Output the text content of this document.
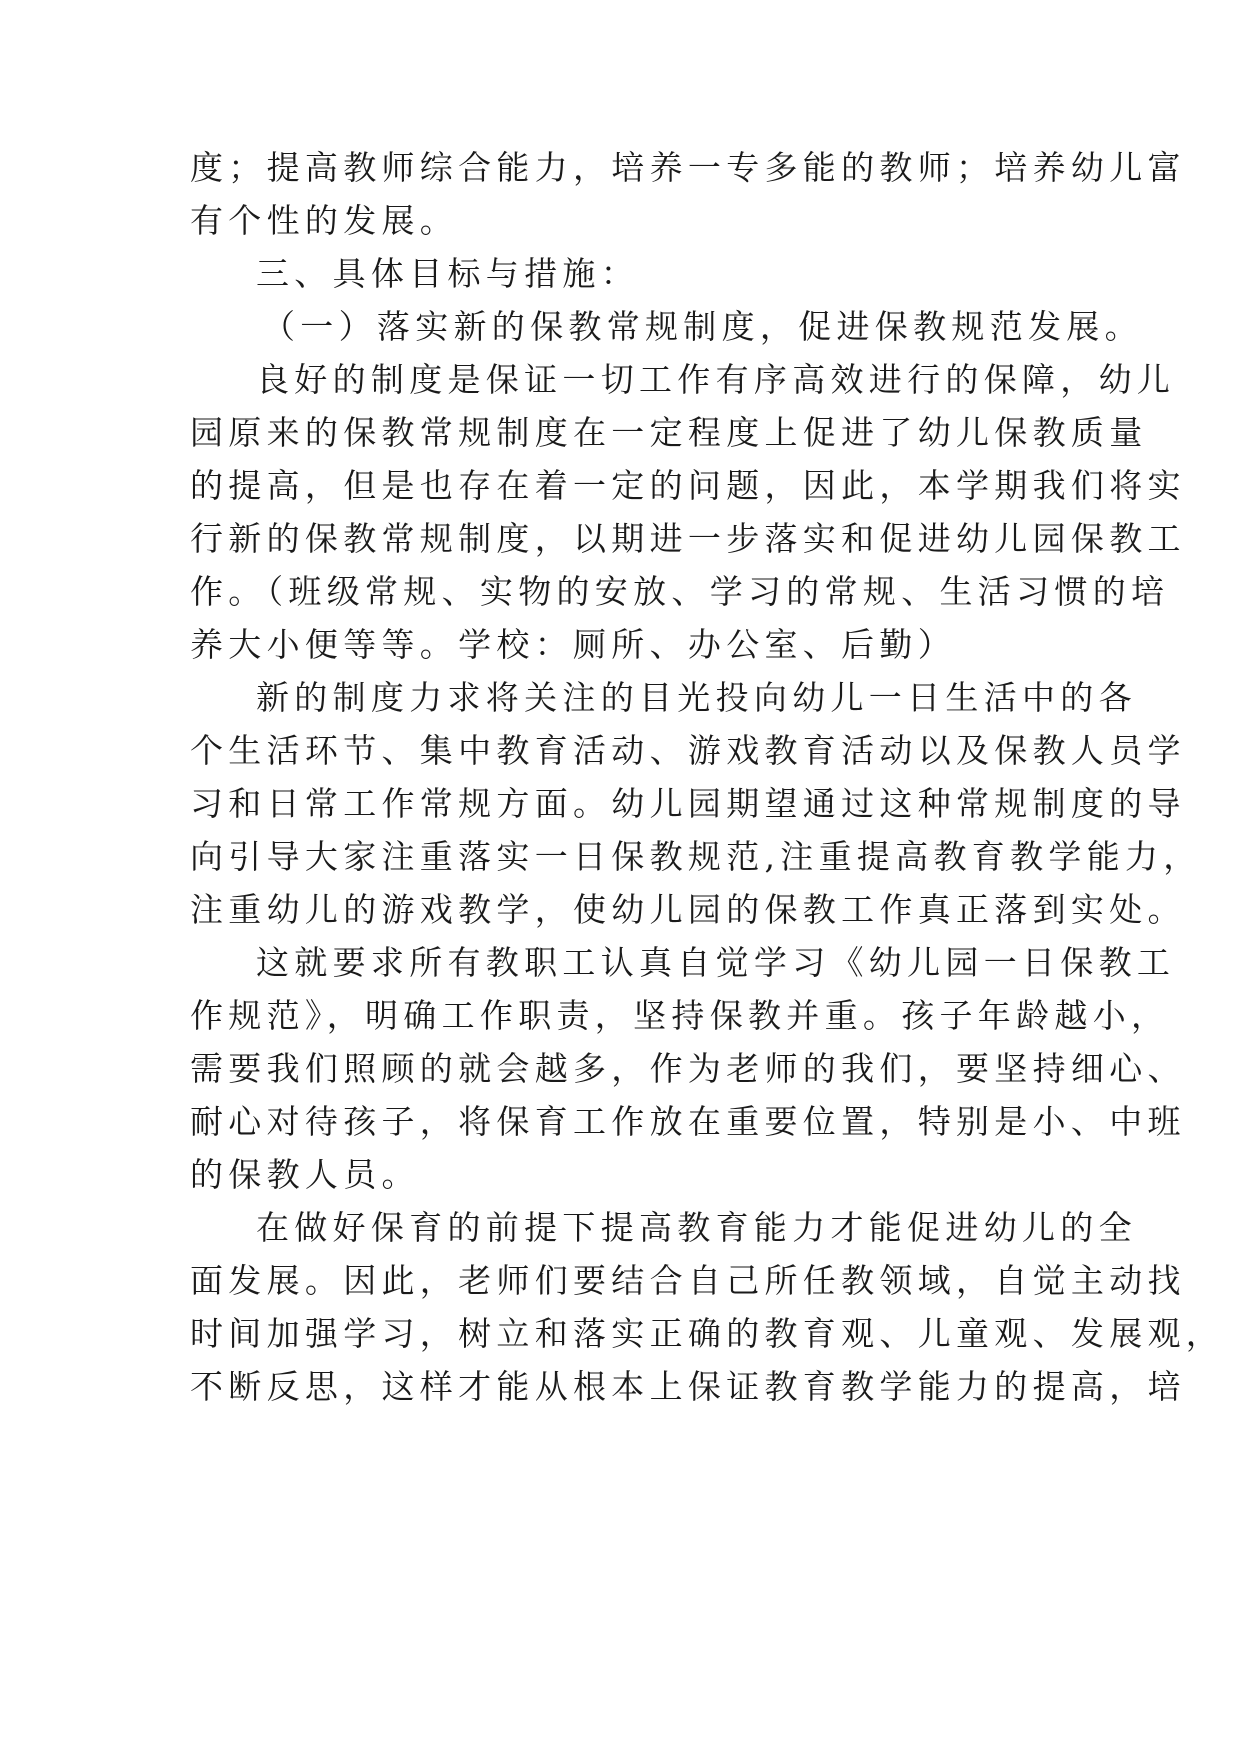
度；提高教师综合能力，培养一专多能的教师；培养幼儿富
有个性的发展。
三、具体目标与措施：
（一）落实新的保教常规制度，促进保教规范发展。
良好的制度是保证一切工作有序高效进行的保障，幼儿
园原来的保教常规制度在一定程度上促进了幼儿保教质量
的提高，但是也存在着一定的问题，因此，本学期我们将实
行新的保教常规制度，以期进一步落实和促进幼儿园保教工
作。（班级常规、实物的安放、学习的常规、生活习惯的培
养大小便等等。学校：厕所、办公室、后勤）
新的制度力求将关注的目光投向幼儿一日生活中的各
个生活环节、集中教育活动、游戏教育活动以及保教人员学
习和日常工作常规方面。幼儿园期望通过这种常规制度的导
向引导大家注重落实一日保教规范,注重提高教育教学能力，
注重幼儿的游戏教学，使幼儿园的保教工作真正落到实处。
这就要求所有教职工认真自觉学习《幼儿园一日保教工
作规范》，明确工作职责，坚持保教并重。孩子年龄越小，
需要我们照顾的就会越多，作为老师的我们，要坚持细心、
耐心对待孩子，将保育工作放在重要位置，特别是小、中班
的保教人员。
在做好保育的前提下提高教育能力才能促进幼儿的全
面发展。因此，老师们要结合自己所任教领域，自觉主动找
时间加强学习，树立和落实正确的教育观、儿童观、发展观，
不断反思，这样才能从根本上保证教育教学能力的提高，培
